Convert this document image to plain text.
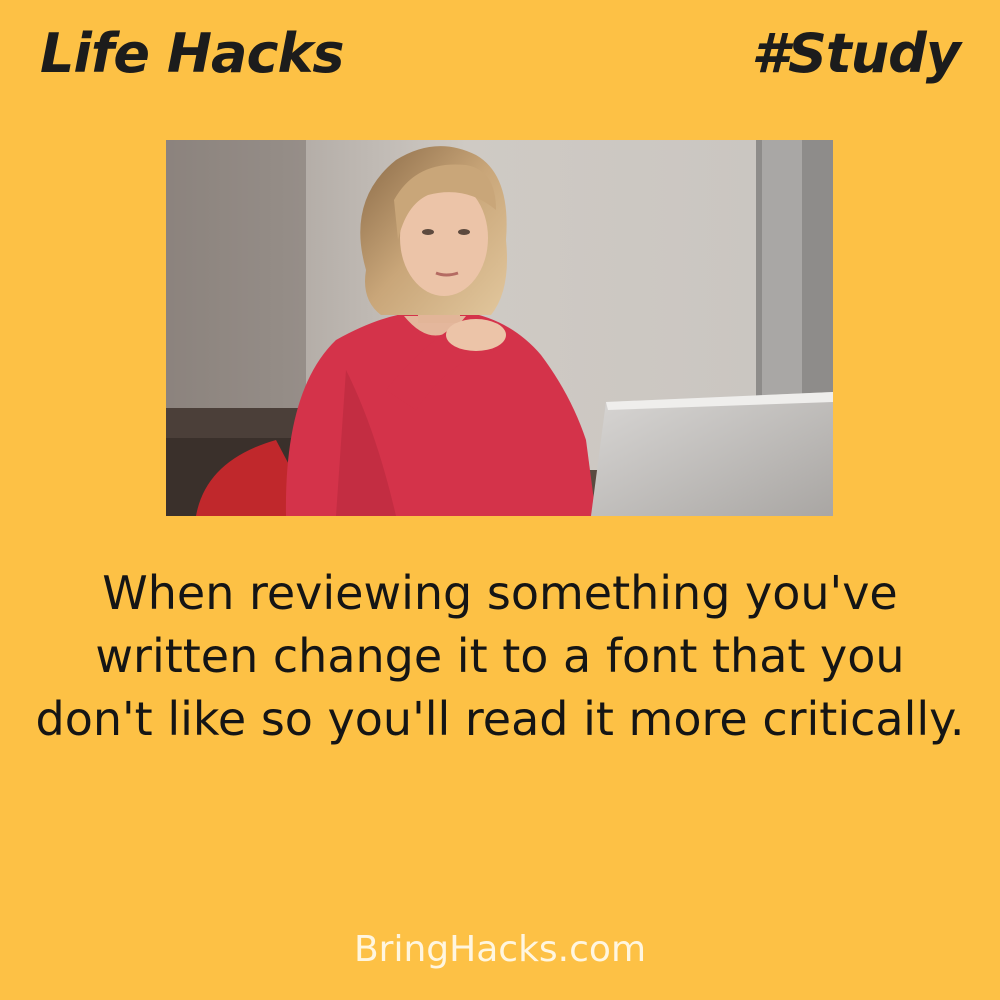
Life Hacks	#Study
When reviewing something you've written change it to a font that you don't like so you'll read it more critically.
BringHacks.com
